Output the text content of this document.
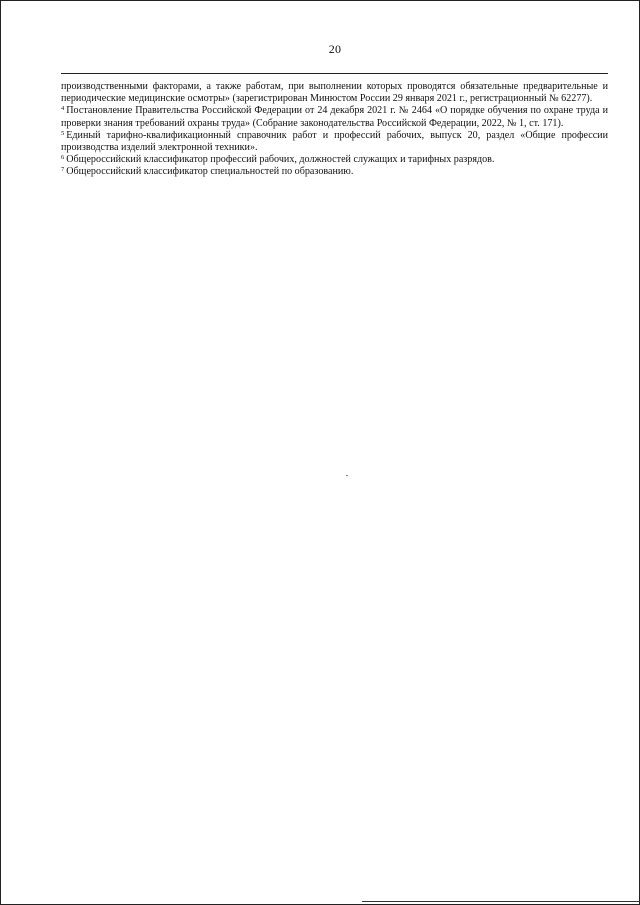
20

производственными факторами, а также работам, при выполнении которых проводятся обязательные предварительные и периодические медицинские осмотры» (зарегистрирован Минюстом России 29 января 2021 г., регистрационный № 62277).

$^4$ Постановление Правительства Российской Федерации от 24 декабря 2021 г. № 2464 «О порядке обучения по охране труда и проверки знания требований охраны труда» (Собрание законодательства Российской Федерации, 2022, № 1, ст. 171).

$^5$ Единый тарифно-квалификационный справочник работ и профессий рабочих, выпуск 20, раздел «Общие профессии производства изделий электронной техники».

$^6$ Общероссийский классификатор профессий рабочих, должностей служащих и тарифных разрядов.

$^7$ Общероссийский классификатор специальностей по образованию.
